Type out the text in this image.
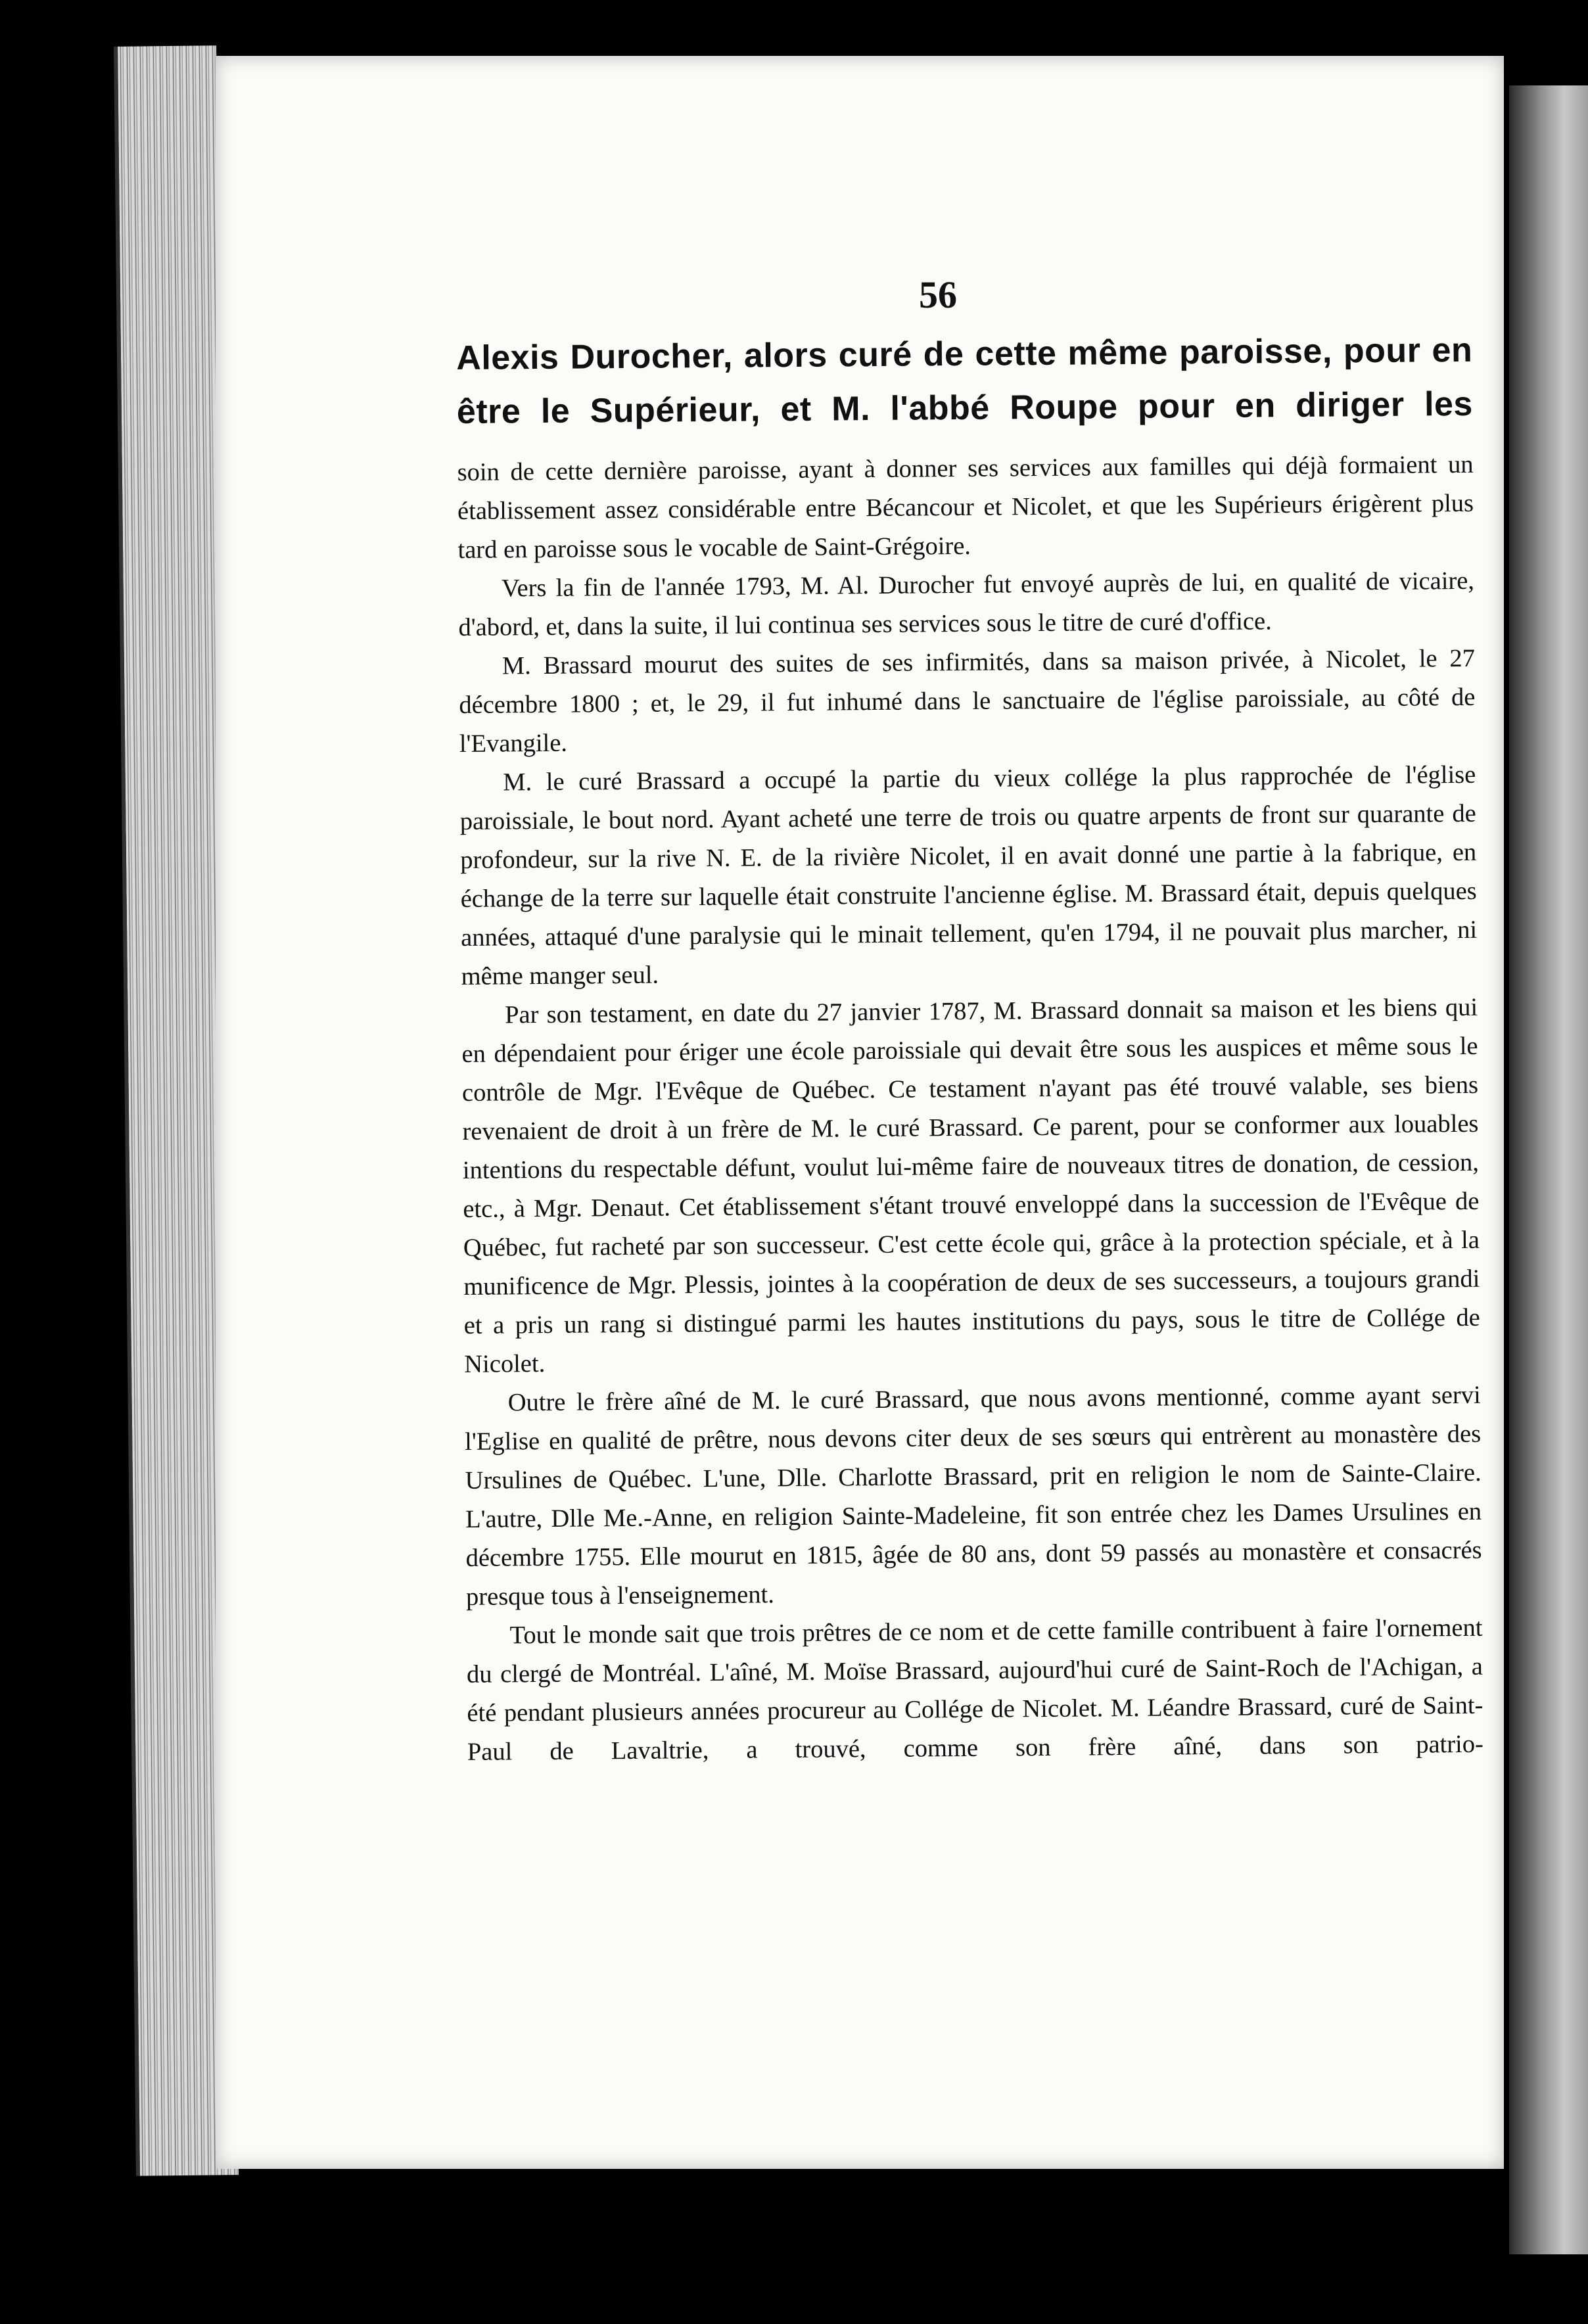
56

Alexis Durocher, alors curé de cette même paroisse, pour en

être le Supérieur, et M. l'abbé Roupe pour en diriger les

soin de cette dernière paroisse, ayant à donner ses services aux familles qui déjà formaient un établissement assez considérable entre Bécancour et Nicolet, et que les Supérieurs érigèrent plus tard en paroisse sous le vocable de Saint-Grégoire.

Vers la fin de l'année 1793, M. Al. Durocher fut envoyé auprès de lui, en qualité de vicaire, d'abord, et, dans la suite, il lui continua ses services sous le titre de curé d'office.

M. Brassard mourut des suites de ses infirmités, dans sa maison privée, à Nicolet, le 27 décembre 1800 ; et, le 29, il fut inhumé dans le sanctuaire de l'église paroissiale, au côté de l'Evangile.

M. le curé Brassard a occupé la partie du vieux collége la plus rapprochée de l'église paroissiale, le bout nord. Ayant acheté une terre de trois ou quatre arpents de front sur quarante de profondeur, sur la rive N. E. de la rivière Nicolet, il en avait donné une partie à la fabrique, en échange de la terre sur laquelle était construite l'ancienne église. M. Brassard était, depuis quelques années, attaqué d'une paralysie qui le minait tellement, qu'en 1794, il ne pouvait plus marcher, ni même manger seul.

Par son testament, en date du 27 janvier 1787, M. Brassard donnait sa maison et les biens qui en dépendaient pour ériger une école paroissiale qui devait être sous les auspices et même sous le contrôle de Mgr. l'Evêque de Québec. Ce testament n'ayant pas été trouvé valable, ses biens revenaient de droit à un frère de M. le curé Brassard. Ce parent, pour se conformer aux louables intentions du respectable défunt, voulut lui-même faire de nouveaux titres de donation, de cession, etc., à Mgr. Denaut. Cet établissement s'étant trouvé enveloppé dans la succession de l'Evêque de Québec, fut racheté par son successeur. C'est cette école qui, grâce à la protection spéciale, et à la munificence de Mgr. Plessis, jointes à la coopération de deux de ses successeurs, a toujours grandi et a pris un rang si distingué parmi les hautes institutions du pays, sous le titre de Collége de Nicolet.

Outre le frère aîné de M. le curé Brassard, que nous avons mentionné, comme ayant servi l'Eglise en qualité de prêtre, nous devons citer deux de ses sœurs qui entrèrent au monastère des Ursulines de Québec. L'une, Dlle. Charlotte Brassard, prit en religion le nom de Sainte-Claire. L'autre, Dlle Me.-Anne, en religion Sainte-Madeleine, fit son entrée chez les Dames Ursulines en décembre 1755. Elle mourut en 1815, âgée de 80 ans, dont 59 passés au monastère et consacrés presque tous à l'enseignement.

Tout le monde sait que trois prêtres de ce nom et de cette famille contribuent à faire l'ornement du clergé de Montréal. L'aîné, M. Moïse Brassard, aujourd'hui curé de Saint-Roch de l'Achigan, a été pendant plusieurs années procureur au Collége de Nicolet. M. Léandre Brassard, curé de Saint-Paul de Lavaltrie, a trouvé, comme son frère aîné, dans son patrio-
